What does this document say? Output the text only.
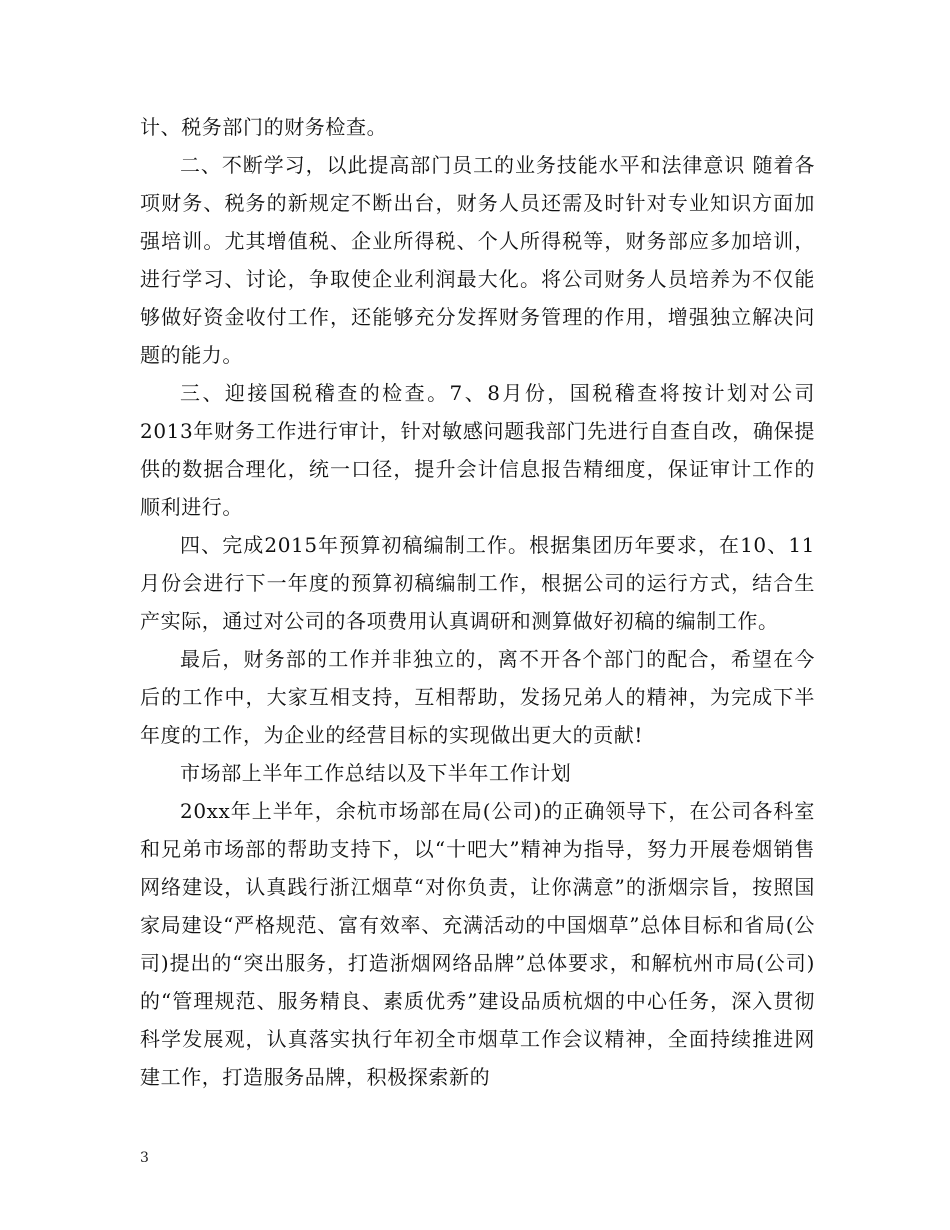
计、税务部门的财务检查。

二、不断学习，以此提高部门员工的业务技能水平和法律意识 随着各项财务、税务的新规定不断出台，财务人员还需及时针对专业知识方面加强培训。尤其增值税、企业所得税、个人所得税等，财务部应多加培训，进行学习、讨论，争取使企业利润最大化。将公司财务人员培养为不仅能够做好资金收付工作，还能够充分发挥财务管理的作用，增强独立解决问题的能力。

三、迎接国税稽查的检查。7、8月份，国税稽查将按计划对公司2013年财务工作进行审计，针对敏感问题我部门先进行自查自改，确保提供的数据合理化，统一口径，提升会计信息报告精细度，保证审计工作的顺利进行。

四、完成2015年预算初稿编制工作。根据集团历年要求，在10、11月份会进行下一年度的预算初稿编制工作，根据公司的运行方式，结合生产实际，通过对公司的各项费用认真调研和测算做好初稿的编制工作。

最后，财务部的工作并非独立的，离不开各个部门的配合，希望在今后的工作中，大家互相支持，互相帮助，发扬兄弟人的精神，为完成下半年度的工作，为企业的经营目标的实现做出更大的贡献!

市场部上半年工作总结以及下半年工作计划

20xx年上半年，余杭市场部在局(公司)的正确领导下，在公司各科室和兄弟市场部的帮助支持下，以“十吧大”精神为指导，努力开展卷烟销售网络建设，认真践行浙江烟草“对你负责，让你满意”的浙烟宗旨，按照国家局建设“严格规范、富有效率、充满活动的中国烟草”总体目标和省局(公司)提出的“突出服务，打造浙烟网络品牌”总体要求，和解杭州市局(公司)的“管理规范、服务精良、素质优秀”建设品质杭烟的中心任务，深入贯彻科学发展观，认真落实执行年初全市烟草工作会议精神，全面持续推进网建工作，打造服务品牌，积极探索新的

3
